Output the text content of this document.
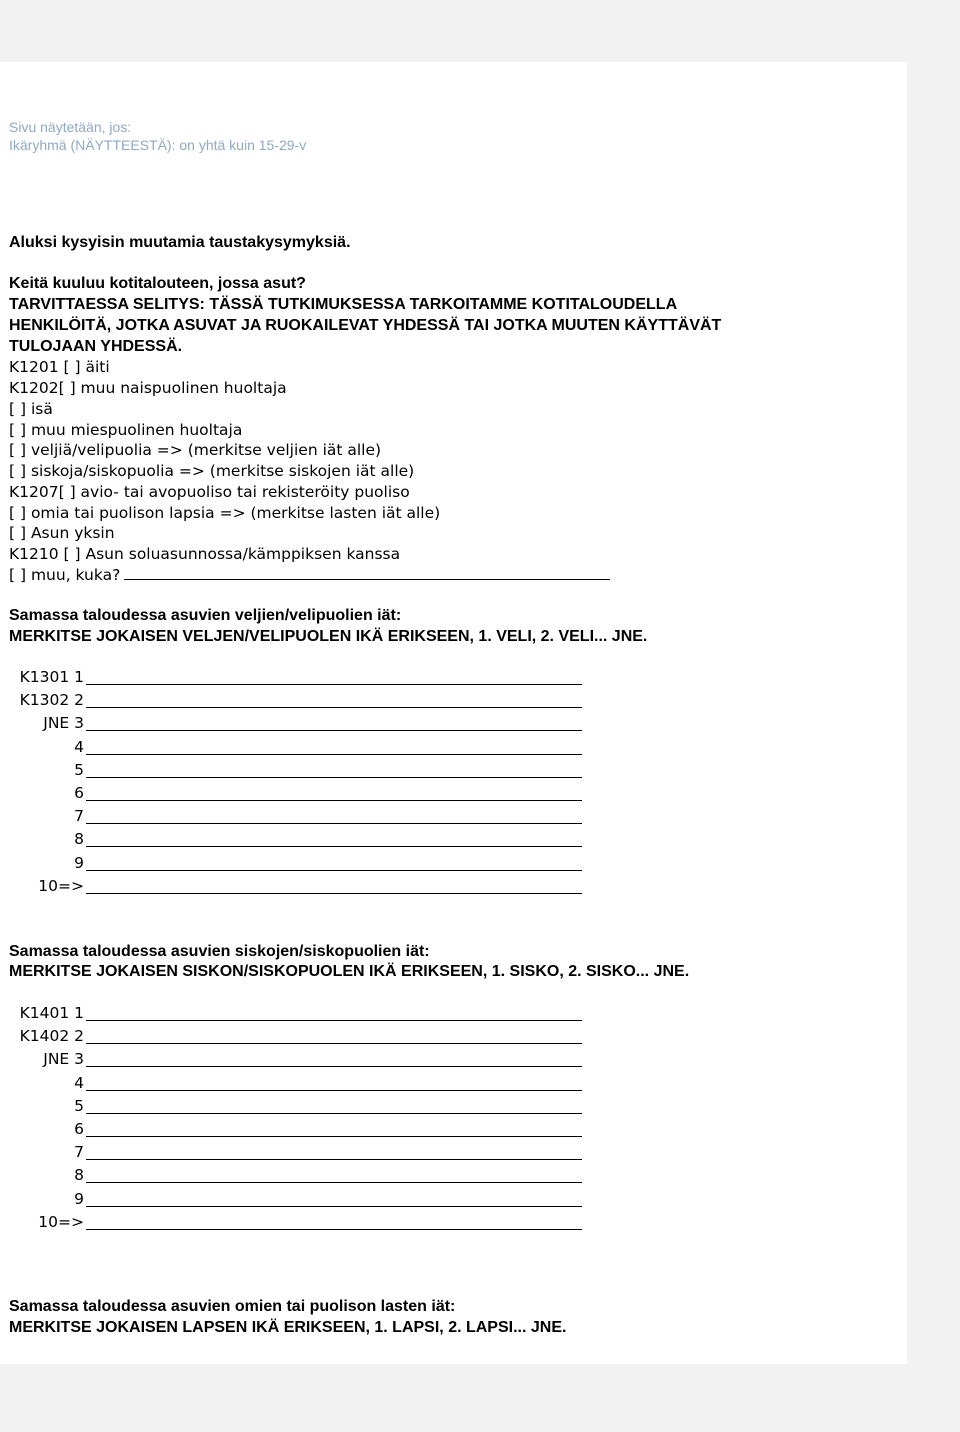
Sivu näytetään, jos:
Ikäryhmä (NÄYTTEESTÄ): on yhtä kuin 15-29-v
Aluksi kysyisin muutamia taustakysymyksiä.
Keitä kuuluu kotitalouteen, jossa asut?
TARVITTAESSA SELITYS: TÄSSÄ TUTKIMUKSESSA TARKOITAMME KOTITALOUDELLA
HENKILÖITÄ, JOTKA ASUVAT JA RUOKAILEVAT YHDESSÄ TAI JOTKA MUUTEN KÄYTTÄVÄT
TULOJAAN YHDESSÄ.
K1201 [ ] äiti
K1202[ ] muu naispuolinen huoltaja
[ ] isä
[ ] muu miespuolinen huoltaja
[ ] veljiä/velipuolia => (merkitse veljien iät alle)
[ ] siskoja/siskopuolia => (merkitse siskojen iät alle)
K1207[ ] avio- tai avopuoliso tai rekisteröity puoliso
[ ] omia tai puolison lapsia => (merkitse lasten iät alle)
[ ] Asun yksin
K1210 [ ] Asun soluasunnossa/kämppiksen kanssa
[ ] muu, kuka?
Samassa taloudessa asuvien veljien/velipuolien iät:
MERKITSE JOKAISEN VELJEN/VELIPUOLEN IKÄ ERIKSEEN, 1. VELI, 2. VELI... JNE.
K1301 1
K1302 2
JNE 3
4
5
6
7
8
9
10=>
Samassa taloudessa asuvien siskojen/siskopuolien iät:
MERKITSE JOKAISEN SISKON/SISKOPUOLEN IKÄ ERIKSEEN, 1. SISKO, 2. SISKO... JNE.
K1401 1
K1402 2
JNE 3
4
5
6
7
8
9
10=>
Samassa taloudessa asuvien omien tai puolison lasten iät:
MERKITSE JOKAISEN LAPSEN IKÄ ERIKSEEN, 1. LAPSI, 2. LAPSI... JNE.
